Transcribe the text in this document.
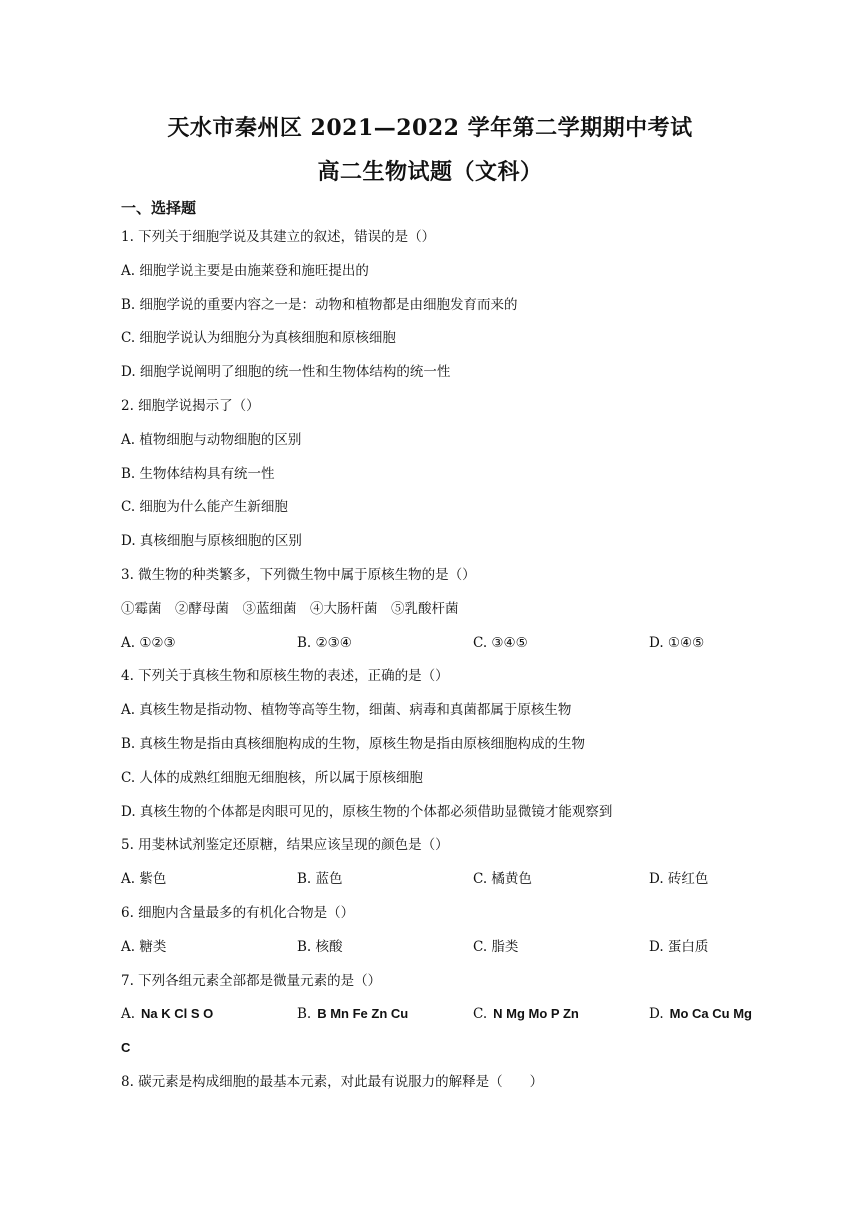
天水市秦州区 2021—2022 学年第二学期期中考试
高二生物试题（文科）
一、选择题
1. 下列关于细胞学说及其建立的叙述，错误的是（）
A. 细胞学说主要是由施莱登和施旺提出的
B. 细胞学说的重要内容之一是：动物和植物都是由细胞发育而来的
C. 细胞学说认为细胞分为真核细胞和原核细胞
D. 细胞学说阐明了细胞的统一性和生物体结构的统一性
2. 细胞学说揭示了（）
A. 植物细胞与动物细胞的区别
B. 生物体结构具有统一性
C. 细胞为什么能产生新细胞
D. 真核细胞与原核细胞的区别
3. 微生物的种类繁多，下列微生物中属于原核生物的是（）
①霉菌　②酵母菌　③蓝细菌　④大肠杆菌　⑤乳酸杆菌
A. ①②③	B. ②③④	C. ③④⑤	D. ①④⑤
4. 下列关于真核生物和原核生物的表述，正确的是（）
A. 真核生物是指动物、植物等高等生物，细菌、病毒和真菌都属于原核生物
B. 真核生物是指由真核细胞构成的生物，原核生物是指由原核细胞构成的生物
C. 人体的成熟红细胞无细胞核，所以属于原核细胞
D. 真核生物的个体都是肉眼可见的，原核生物的个体都必须借助显微镜才能观察到
5. 用斐林试剂鉴定还原糖，结果应该呈现的颜色是（）
A. 紫色	B. 蓝色	C. 橘黄色	D. 砖红色
6. 细胞内含量最多的有机化合物是（）
A. 糖类	B. 核酸	C. 脂类	D. 蛋白质
7. 下列各组元素全部都是微量元素的是（）
A. Na K Cl S O	B. B Mn Fe Zn Cu	C. N Mg Mo P Zn	D. Mo Ca Cu Mg
C
8. 碳元素是构成细胞的最基本元素，对此最有说服力的解释是（　　）
